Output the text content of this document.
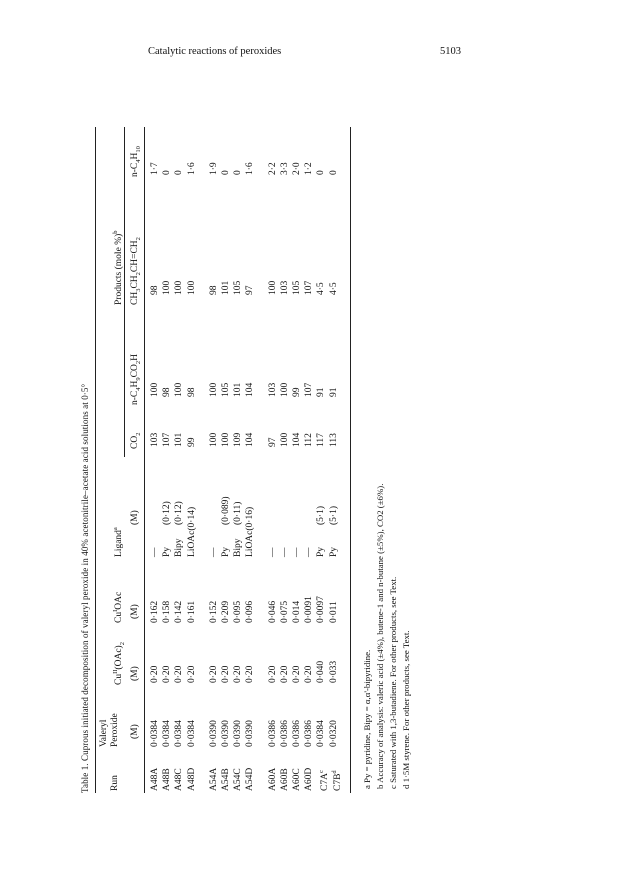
Catalytic reactions of peroxides	5103
Table 1. Cuprous initiated decomposition of valeryl peroxide in 40% acetonitrile–acetate acid solutions at 0·5° Run
Valeryl Peroxide
$Cu^{II}(OAc)_2$
$Cu^IOAc$
Ligand$^a$
Products (mole %)$^b$
(M)
(M)
(M)
(M)
$CO_2$
$n-C_4H_9CO_2H$
$CH_3CH_2CH=CH_2$
$n-C_4H_{10}$
A48A
0·0384
0·20
0·162
—
103
100
98
1·7
A48B
0·0384
0·20
0·158
Py
(0·12)
107
98
100
0
A48C
0·0384
0·20
0·142
Bipy
(0·12)
101
100
100
0
A48D
0·0384
0·20
0·161
LiOAc(0·14)
99
98
100
1·6
A54A
0·0390
0·20
0·152
—
100
100
98
1·9
A54B
0·0390
0·20
0·209
Py
(0·089)
100
105
101
0
A54C
0·0390
0·20
0·095
Bipy
(0·11)
109
101
105
0
A54D
0·0390
0·20
0·096
LiOAc(0·16)
104
104
97
1·6
A60A
0·0386
0·20
0·046
—
97
103
100
2·2
A60B
0·0386
0·20
0·075
—
100
100
103
3·3
A60C
0·0386
0·20
0·014
—
104
99
105
2·0
A60D
0·0386
0·20
0·0091
—
112
107
107
1·2
$C7A^c$
0·0384
0·040
0·0097
Py
(5·1)
117
91
4·5
0
$C7B^d$
0·0320
0·033
0·011
Py
(5·1)
113
91
4·5
0
a Py = pyridine, Bipy = α,α'-bipyridine. b Accuracy of analysis: valeric acid (±4%), butene-1 and n-butane (±5%), CO2 (±6%). c Saturated with 1,3-butadiene. For other products, see Text. d 1·5M styrene. For other products, see Text.
